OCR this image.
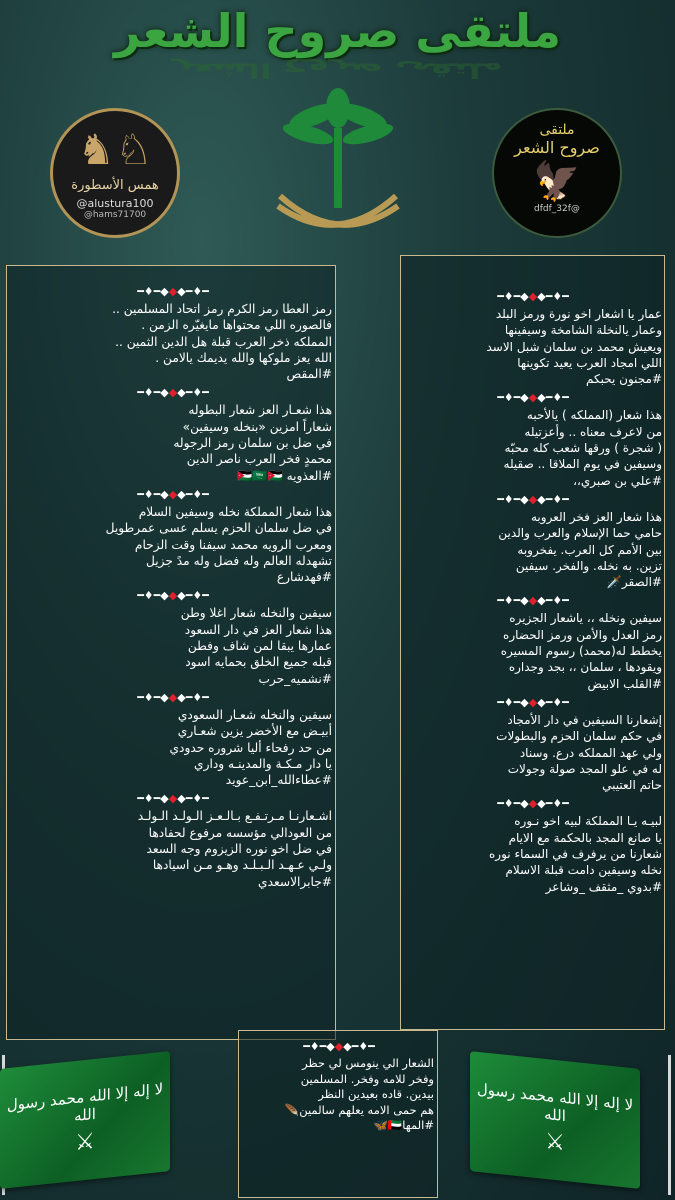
ملتقى صروح الشعر
ملتقى صروح الشعر
♞♘
همس الأسطورة
@alustura100
@hams71700
ملتقى
صروح الشعر
🦅
dfdf_32f@
━♦━◆◆◆━♦━
رمز العطا رمز الكرم رمز اتحاد المسلمين ..
فالصوره اللي محتواها مايغيّره الزمن .
المملكه ذخر العرب قبلة هل الدين الثمين ..
الله يعز ملوكها والله يديمك يالامن .
#المقص
━♦━◆◆◆━♦━
هذا شعـار العز شعار البطوله
شعاراً امزين «بنخله وسيفين»
في ضل بن سلمان رمز الرجوله
محمدٍ فخر العرب ناصر الدين
#العذويه 🇯🇴🇸🇦🇯🇴
━♦━◆◆◆━♦━
هذا شعار المملكة نخله وسيفين السلام
في ضل سلمان الحزم يسلم عسى عمرطويل
ومعرب الرويه محمد سيفنا وقت الزحام
تشهدله العالم وله فضل وله مدً جزيل
#فهدشارع
━♦━◆◆◆━♦━
سيفين والنخله شعار اغلا وطن
هذا شعار العز في دار السعود
عمارها يبقا لمن شاف وفطن
قبله جميع الخلق بحمايه اسود
#نشميه_حرب
━♦━◆◆◆━♦━
سيفين والنخله شعـار السعودي
أبيـض مع الأخضر يزين شعـاري
من حد رفحاء أليا شروره حدودي
يا دار مـكـة والمدينـه وداري
#عطاءالله_ابن_عويد
━♦━◆◆◆━♦━
اشـعارنـا مـرتـفـع بـالـعـز الـولـد الـولـد
من العودالي مؤسسه مرفوع لحفادها
في ضل اخو نوره الزيزوم وجه السعد
ولـي عـهـد الـبـلـد وهـو مـن اسيادها
#جابرالاسعدي
━♦━◆◆◆━♦━
عمار يا اشعار اخو نورة ورمز البلد
وعمار يالنخلة الشامخة وسيفينها
ويعيش محمد بن سلمان شبل الاسد
اللي امجاد العرب يعيد تكوينها
#مجنون يحبكم
━♦━◆◆◆━♦━
هذا شعار (المملكه ) يالأحبه
من لاعرف معناه .. وأعزتيله
( شجرة ) ورقها شعب كله محبّه
وسيفين في يوم الملاقا .. صقيله
#علي بن صبري،،
━♦━◆◆◆━♦━
هذا شعار العز فخر العروبه
حامي حما الإسلام والعرب والدين
بين الأمم كل العرب. يفخروبه
تزين. به نخله. والفخر. سيفين
#الصقر🗡️
━♦━◆◆◆━♦━
سيفين ونخله ،، ياشعار الجزيره
رمز العدل والأمن ورمز الحضاره
يخطط له(محمد) رسوم المسيره
ويقودها ، سلمان ،، بجد وجداره
#القلب الابيض
━♦━◆◆◆━♦━
إشعارنا السيفين في دار الأمجاد
في حكم سلمان الحزم والبطولات
ولي عهد المملكه درع. وسناد
له في علو المجد صولة وجولات
حاتم العتيبي
━♦━◆◆◆━♦━
لبيـه يـا المملكة لبيه اخو نـوره
يا صانع المجد بالحكمة مع الايام
شعارنا من يرفرف في السماء نوره
نخله وسيفين دامت قبلة الاسلام
#بدوي _مثقف _وشاعر
━♦━◆◆◆━♦━
الشعار الي ينومس لي حظر
وفخر للامه وفخر. المسلمين
بيدين. قاده بعيدين النظر
هم حمى الامه يعلهم سالمين🪶
#المها🇦🇪🦋
لا إله إلا الله محمد رسول الله
⚔
لا إله إلا الله محمد رسول الله
⚔
